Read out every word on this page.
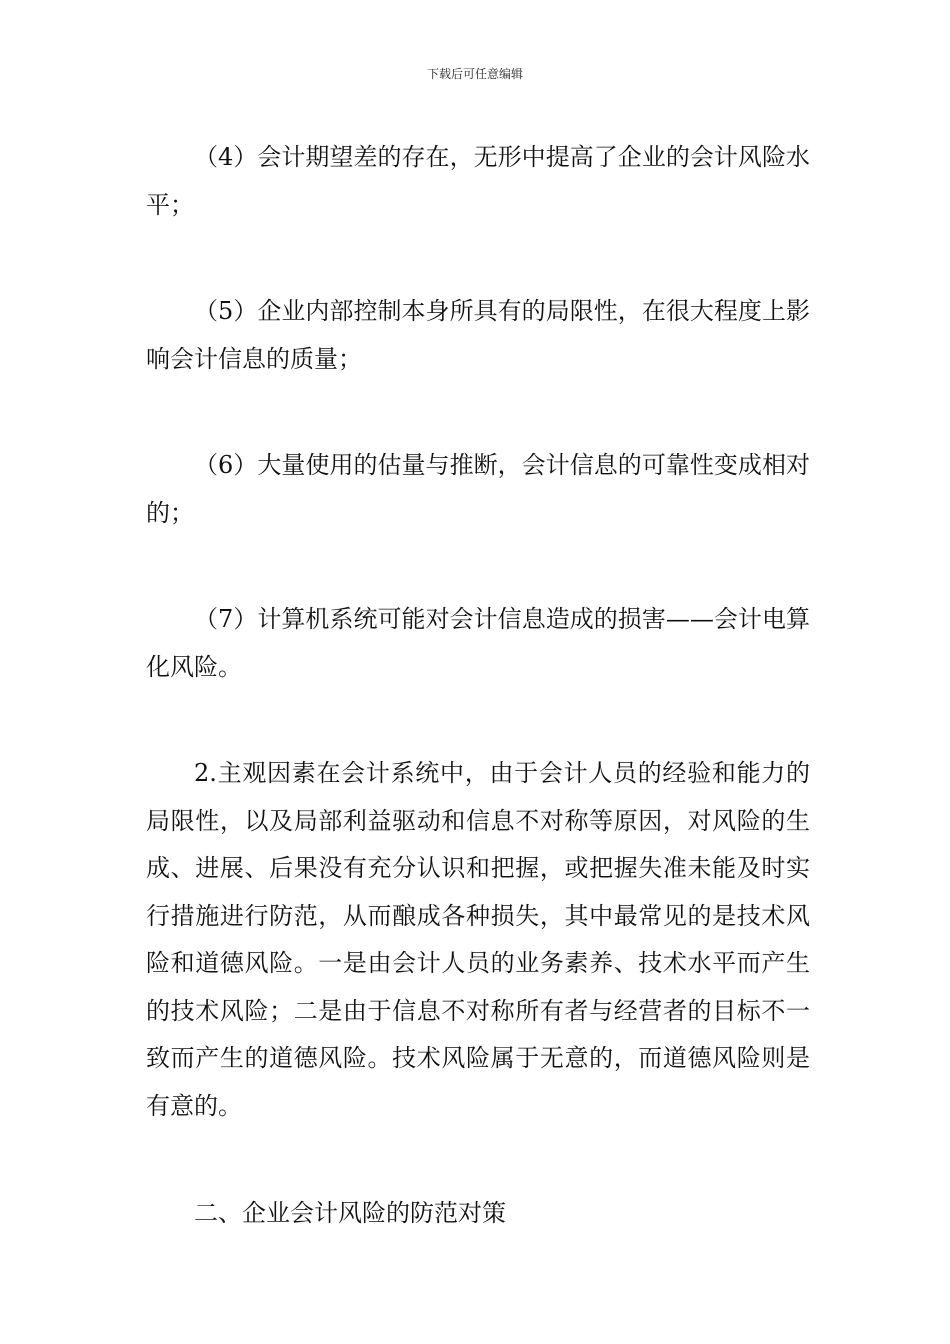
下载后可任意编辑

（4）会计期望差的存在，无形中提高了企业的会计风险水平；

（5）企业内部控制本身所具有的局限性，在很大程度上影响会计信息的质量；

（6）大量使用的估量与推断，会计信息的可靠性变成相对的；

（7）计算机系统可能对会计信息造成的损害——会计电算化风险。

2.主观因素在会计系统中，由于会计人员的经验和能力的局限性，以及局部利益驱动和信息不对称等原因，对风险的生成、进展、后果没有充分认识和把握，或把握失准未能及时实行措施进行防范，从而酿成各种损失，其中最常见的是技术风险和道德风险。一是由会计人员的业务素养、技术水平而产生的技术风险；二是由于信息不对称所有者与经营者的目标不一致而产生的道德风险。技术风险属于无意的，而道德风险则是有意的。

二、企业会计风险的防范对策
